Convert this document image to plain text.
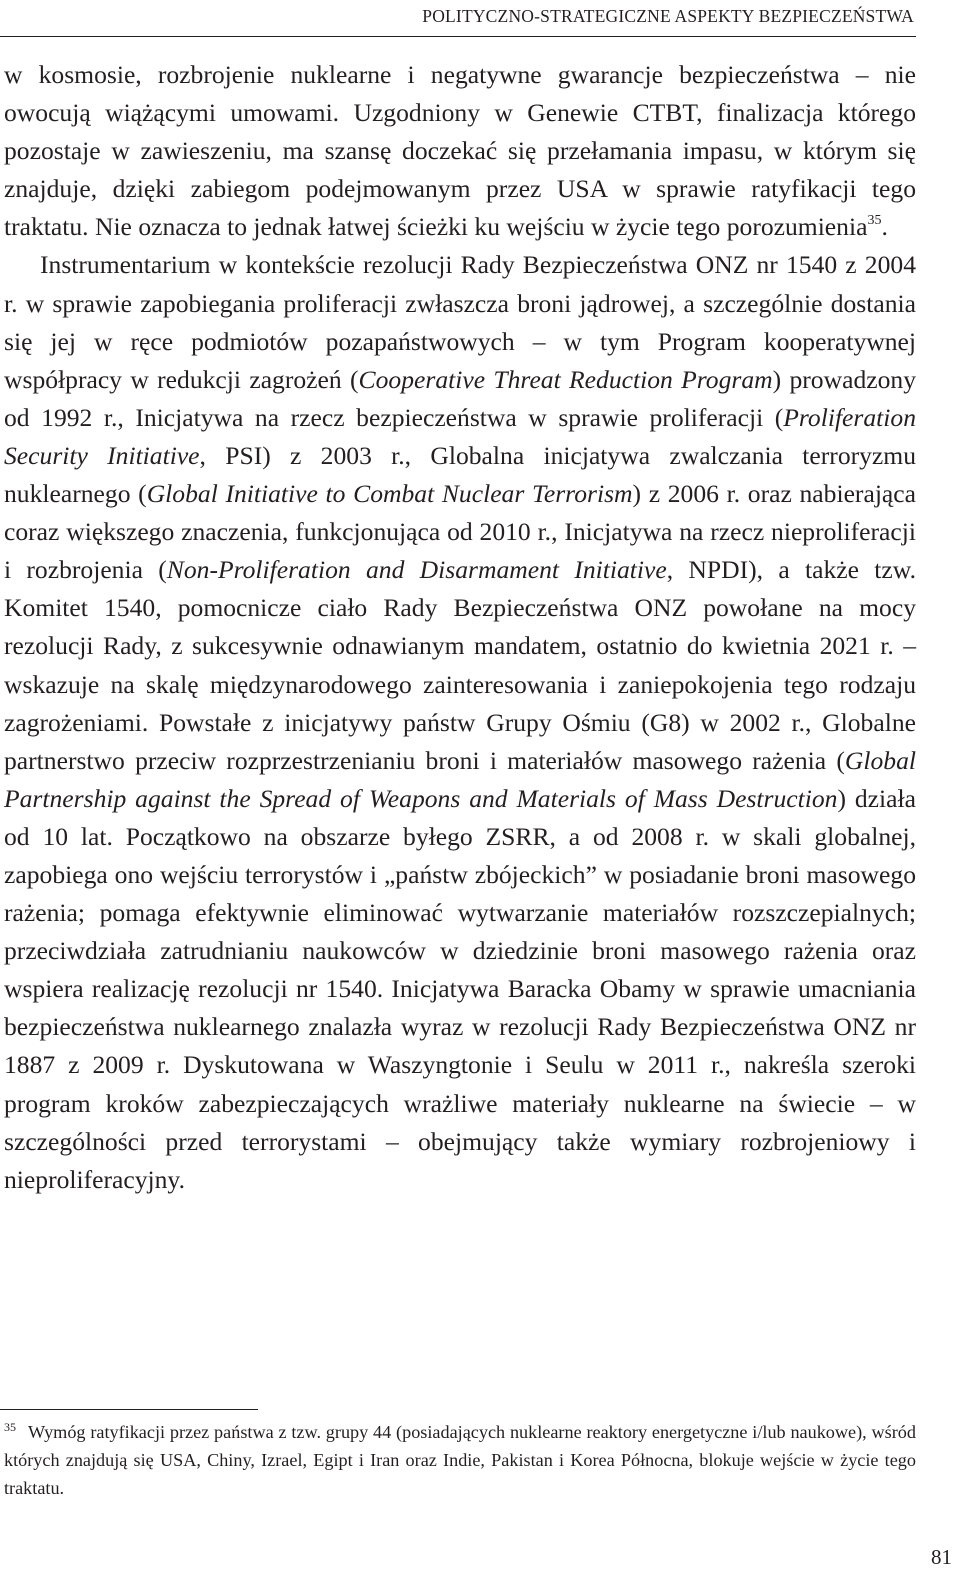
POLITYCZNO-STRATEGICZNE ASPEKTY BEZPIECZEŃSTWA

w kosmosie, rozbrojenie nuklearne i negatywne gwarancje bezpieczeństwa – nie owocują wiążącymi umowami. Uzgodniony w Genewie CTBT, finalizacja którego pozostaje w zawieszeniu, ma szansę doczekać się przełamania impasu, w którym się znajduje, dzięki zabiegom podejmowanym przez USA w sprawie ratyfikacji tego traktatu. Nie oznacza to jednak łatwej ścieżki ku wejściu w życie tego porozumienia$^{35}$.

Instrumentarium w kontekście rezolucji Rady Bezpieczeństwa ONZ nr 1540 z 2004 r. w sprawie zapobiegania proliferacji zwłaszcza broni jądrowej, a szczególnie dostania się jej w ręce podmiotów pozapaństwowych – w tym Program kooperatywnej współpracy w redukcji zagrożeń (Cooperative Threat Reduction Program) prowadzony od 1992 r., Inicjatywa na rzecz bezpieczeństwa w sprawie proliferacji (Proliferation Security Initiative, PSI) z 2003 r., Globalna inicjatywa zwalczania terroryzmu nuklearnego (Global Initiative to Combat Nuclear Terrorism) z 2006 r. oraz nabierająca coraz większego znaczenia, funkcjonująca od 2010 r., Inicjatywa na rzecz nieproliferacji i rozbrojenia (Non-Proliferation and Disarmament Initiative, NPDI), a także tzw. Komitet 1540, pomocnicze ciało Rady Bezpieczeństwa ONZ powołane na mocy rezolucji Rady, z sukcesywnie odnawianym mandatem, ostatnio do kwietnia 2021 r. – wskazuje na skalę międzynarodowego zainteresowania i zaniepokojenia tego rodzaju zagrożeniami. Powstałe z inicjatywy państw Grupy Ośmiu (G8) w 2002 r., Globalne partnerstwo przeciw rozprzestrzenianiu broni i materiałów masowego rażenia (Global Partnership against the Spread of Weapons and Materials of Mass Destruction) działa od 10 lat. Początkowo na obszarze byłego ZSRR, a od 2008 r. w skali globalnej, zapobiega ono wejściu terrorystów i „państw zbójeckich” w posiadanie broni masowego rażenia; pomaga efektywnie eliminować wytwarzanie materiałów rozszczepialnych; przeciwdziała zatrudnianiu naukowców w dziedzinie broni masowego rażenia oraz wspiera realizację rezolucji nr 1540. Inicjatywa Baracka Obamy w sprawie umacniania bezpieczeństwa nuklearnego znalazła wyraz w rezolucji Rady Bezpieczeństwa ONZ nr 1887 z 2009 r. Dyskutowana w Waszyngtonie i Seulu w 2011 r., nakreśla szeroki program kroków zabezpieczających wrażliwe materiały nuklearne na świecie – w szczególności przed terrorystami – obejmujący także wymiary rozbrojeniowy i nieproliferacyjny.

$^{35}$ Wymóg ratyfikacji przez państwa z tzw. grupy 44 (posiadających nuklearne reaktory energetyczne i/lub naukowe), wśród których znajdują się USA, Chiny, Izrael, Egipt i Iran oraz Indie, Pakistan i Korea Północna, blokuje wejście w życie tego traktatu.
81
